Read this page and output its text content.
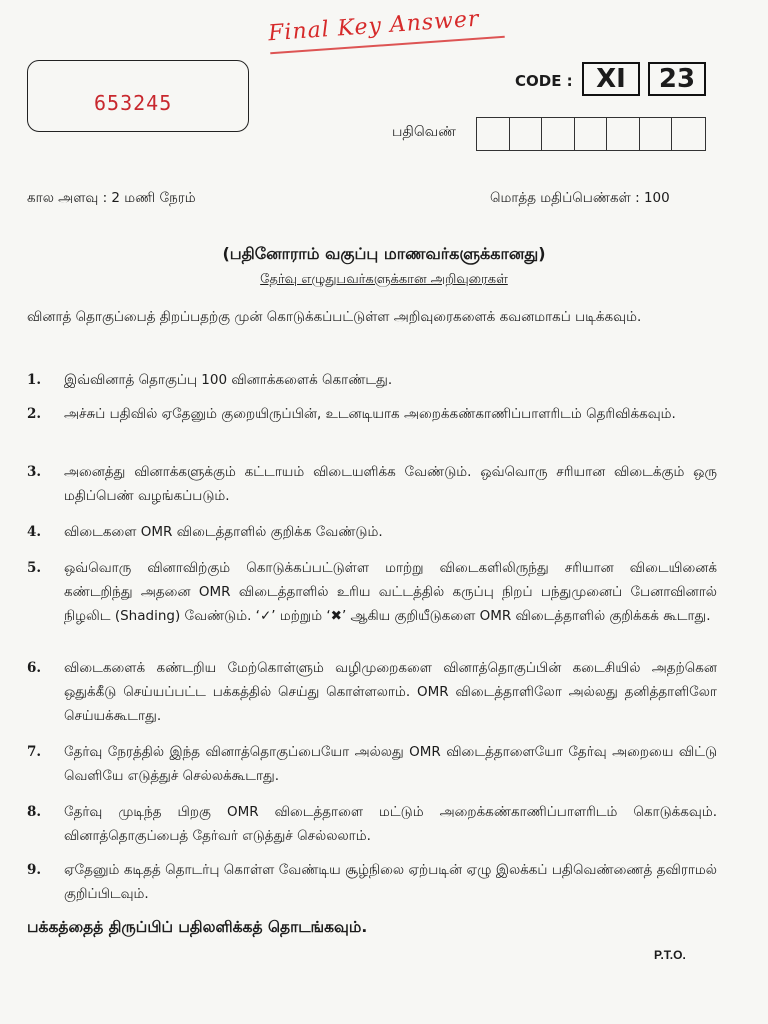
Final Key Answer
653245
CODE : XI	23
பதிவெண்
கால அளவு : 2 மணி நேரம்	மொத்த மதிப்பெண்கள் : 100
(பதினோராம் வகுப்பு மாணவர்களுக்கானது)
தேர்வு எழுதுபவர்களுக்கான அறிவுரைகள்
வினாத் தொகுப்பைத் திறப்பதற்கு முன் கொடுக்கப்பட்டுள்ள அறிவுரைகளைக் கவனமாகப் படிக்கவும்.
1. இவ்வினாத் தொகுப்பு 100 வினாக்களைக் கொண்டது.
2. அச்சுப் பதிவில் ஏதேனும் குறையிருப்பின், உடனடியாக அறைக்கண்காணிப்பாளரிடம் தெரிவிக்கவும்.
3. அனைத்து வினாக்களுக்கும் கட்டாயம் விடையளிக்க வேண்டும். ஒவ்வொரு சரியான விடைக்கும் ஒரு மதிப்பெண் வழங்கப்படும்.
4. விடைகளை OMR விடைத்தாளில் குறிக்க வேண்டும்.
5. ஒவ்வொரு வினாவிற்கும் கொடுக்கப்பட்டுள்ள மாற்று விடைகளிலிருந்து சரியான விடையினைக் கண்டறிந்து அதனை OMR விடைத்தாளில் உரிய வட்டத்தில் கருப்பு நிறப் பந்துமுனைப் பேனாவினால் நிழலிட (Shading) வேண்டும். ‘✓’ மற்றும் ‘✖’ ஆகிய குறியீடுகளை OMR விடைத்தாளில் குறிக்கக் கூடாது.
6. விடைகளைக் கண்டறிய மேற்கொள்ளும் வழிமுறைகளை வினாத்தொகுப்பின் கடைசியில் அதற்கென ஒதுக்கீடு செய்யப்பட்ட பக்கத்தில் செய்து கொள்ளலாம். OMR விடைத்தாளிலோ அல்லது தனித்தாளிலோ செய்யக்கூடாது.
7. தேர்வு நேரத்தில் இந்த வினாத்தொகுப்பையோ அல்லது OMR விடைத்தாளையோ தேர்வு அறையை விட்டு வெளியே எடுத்துச் செல்லக்கூடாது.
8. தேர்வு முடிந்த பிறகு OMR விடைத்தாளை மட்டும் அறைக்கண்காணிப்பாளரிடம் கொடுக்கவும். வினாத்தொகுப்பைத் தேர்வர் எடுத்துச் செல்லலாம்.
9. ஏதேனும் கடிதத் தொடர்பு கொள்ள வேண்டிய சூழ்நிலை ஏற்படின் ஏழு இலக்கப் பதிவெண்ணைத் தவிராமல் குறிப்பிடவும்.
பக்கத்தைத் திருப்பிப் பதிலளிக்கத் தொடங்கவும்.
P.T.O.
